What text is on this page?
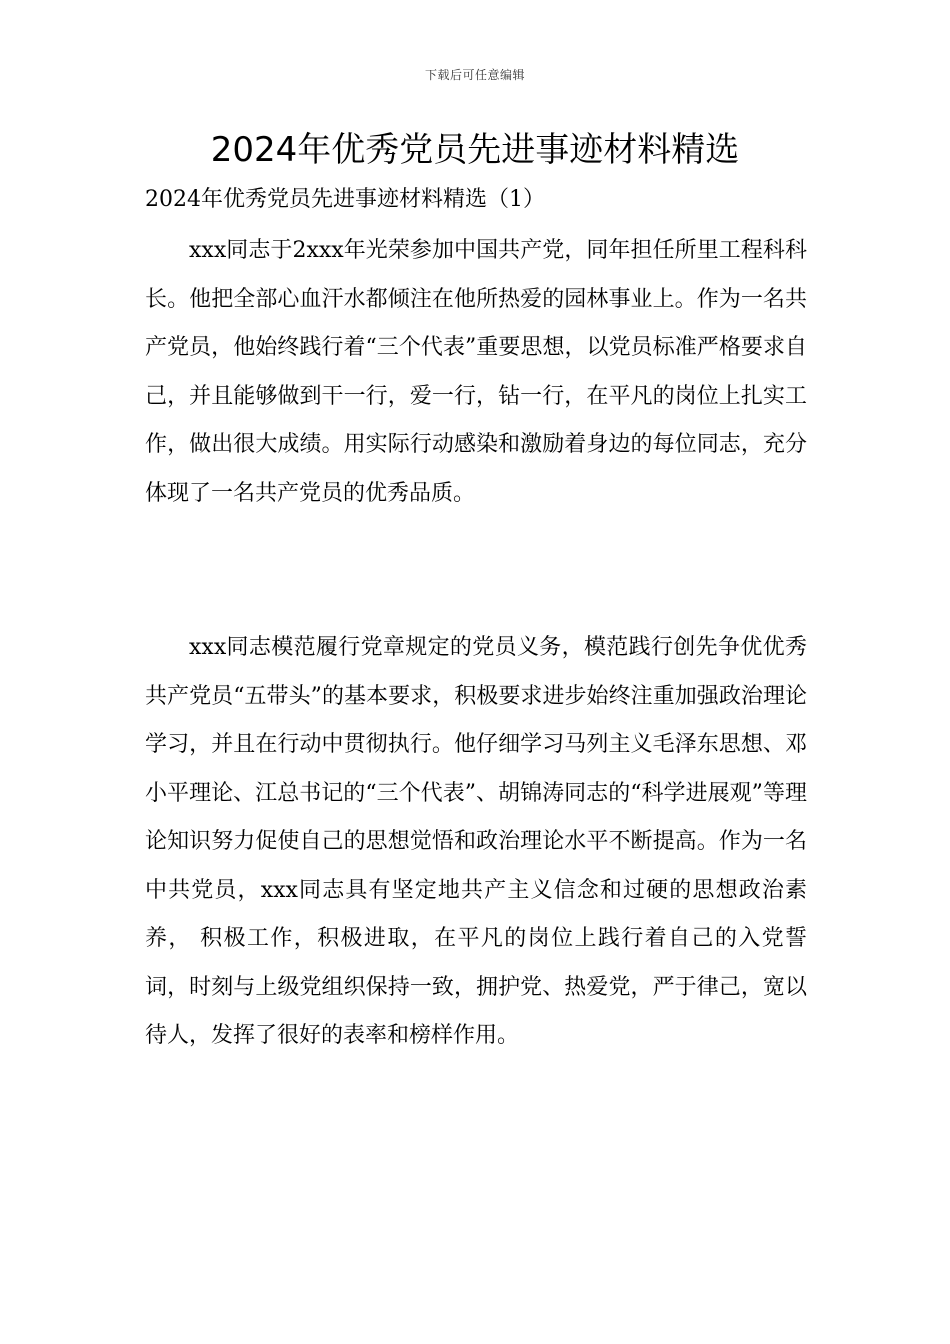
下载后可任意编辑
2024年优秀党员先进事迹材料精选

2024年优秀党员先进事迹材料精选（1）

xxx同志于2xxx年光荣参加中国共产党，同年担任所里工程科科长。他把全部心血汗水都倾注在他所热爱的园林事业上。作为一名共产党员，他始终践行着“三个代表”重要思想，以党员标准严格要求自己，并且能够做到干一行，爱一行，钻一行，在平凡的岗位上扎实工作，做出很大成绩。用实际行动感染和激励着身边的每位同志，充分体现了一名共产党员的优秀品质。

xxx同志模范履行党章规定的党员义务，模范践行创先争优优秀共产党员“五带头”的基本要求，积极要求进步始终注重加强政治理论学习，并且在行动中贯彻执行。他仔细学习马列主义毛泽东思想、邓小平理论、江总书记的“三个代表”、胡锦涛同志的“科学进展观”等理论知识努力促使自己的思想觉悟和政治理论水平不断提高。作为一名中共党员，xxx同志具有坚定地共产主义信念和过硬的思想政治素养， 积极工作，积极进取，在平凡的岗位上践行着自己的入党誓词，时刻与上级党组织保持一致，拥护党、热爱党，严于律己，宽以待人，发挥了很好的表率和榜样作用。
